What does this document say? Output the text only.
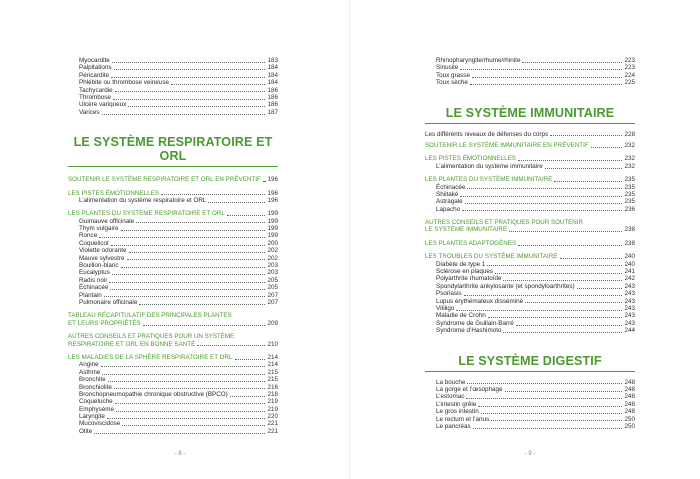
Myocardite	183
Palpitations	184
Péricardite	184
Phlébite ou thrombose veineuse	184
Tachycardie	186
Thrombose	186
Ulcère variqueux	186
Varices	187
LE SYSTÈME RESPIRATOIRE ET ORL
SOUTENIR LE SYSTÈME RESPIRATOIRE ET ORL EN PRÉVENTIF 196
LES PISTES ÉMOTIONNELLES	196
L’alimentation du système respiratoire et ORL	196
LES PLANTES DU SYSTÈME RESPIRATOIRE ET ORL	199
Guimauve officinale	199
Thym vulgaire	199
Ronce	199
Coquelicot	200
Violette odorante	202
Mauve sylvestre	202
Bouillon-blanc	203
Eucalyptus	203
Radis noir	205
Échinacée	205
Plantain	207
Pulmonaire officinale	207
TABLEAU RÉCAPITULATIF DES PRINCIPALES PLANTES
ET LEURS PROPRIÉTÉS	209
AUTRES CONSEILS ET PRATIQUES POUR UN SYSTÈME
RESPIRATOIRE ET ORL EN BONNE SANTÉ	210
LES MALADIES DE LA SPHÈRE RESPIRATOIRE ET ORL	214
Angine	214
Asthme	215
Bronchite	215
Bronchiolite	216
Bronchopneumopathie chronique obstructive (BPCO)	218
Coqueluche	219
Emphysème	219
Laryngite	220
Mucoviscidose	221
Otite	221
- 8 -
Rhinopharyngite/rhume/rhinite	223
Sinusite	223
Toux grasse	224
Toux sèche	225
LE SYSTÈME IMMUNITAIRE
Les différents niveaux de défenses du corps	228
SOUTENIR LE SYSTÈME IMMUNITAIRE EN PRÉVENTIF	232
LES PISTES ÉMOTIONNELLES	232
L’alimentation du système immunitaire	232
LES PLANTES DU SYSTÈME IMMUNITAIRE	235
Échinacée	235
Shiitaké	235
Astragale	235
Lapacho	236
AUTRES CONSEILS ET PRATIQUES POUR SOUTENIR
LE SYSTÈME IMMUNITAIRE	238
LES PLANTES ADAPTOGÈNES	238
LES TROUBLES DU SYSTÈME IMMUNITAIRE	240
Diabète de type 1	240
Sclérose en plaques	241
Polyarthrite rhumatoïde	242
Spondylarthrite ankylosante (et spondyloarthrites)	243
Psoriasis	243
Lupus érythémateux disséminé	243
Vitiligo	243
Maladie de Crohn	243
Syndrome de Guillain-Barré	243
Syndrome d’Hashimoto	244
LE SYSTÈME DIGESTIF
La bouche	248
La gorge et l’œsophage	248
L’estomac	248
L’intestin grêle	248
Le gros intestin	248
Le rectum et l’anus	250
Le pancréas	250
- 9 -
